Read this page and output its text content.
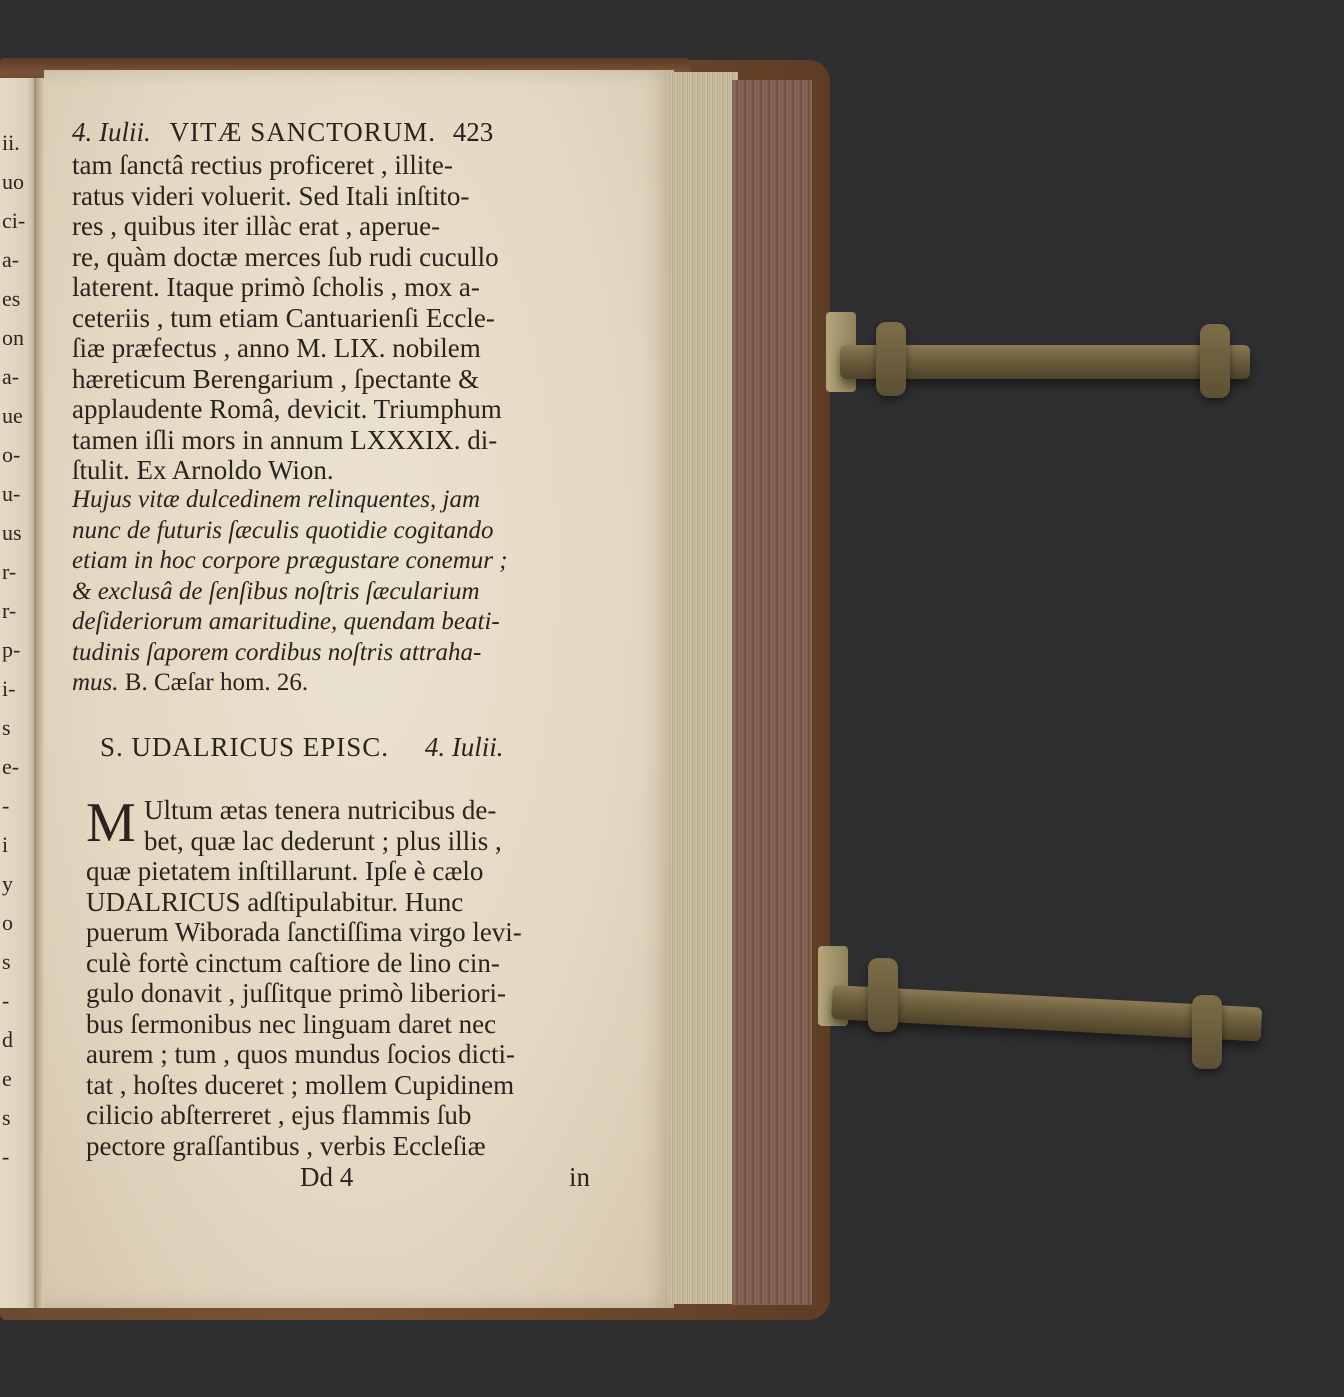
ii.
uo
ci-
a-
es
on
a-
ue
o-
u-
us
r-
r-
p-
i-
s
e-
-
i
y
o
s
-
d
e
s
-
4. Iulii. VITÆ SANCTORUM. 423
tam ſanctâ rectius proficeret , illite-
ratus videri voluerit. Sed Itali inſtito-
res , quibus iter illàc erat , aperue-
re, quàm doctæ merces ſub rudi cucullo
laterent. Itaque primò ſcholis , mox a-
ceteriis , tum etiam Cantuarienſi Eccle-
ſiæ præfectus , anno M. LIX. nobilem
hæreticum Berengarium , ſpectante &
applaudente Româ, devicit. Triumphum
tamen iſli mors in annum LXXXIX. di-
ſtulit. Ex Arnoldo Wion.
Hujus vitæ dulcedinem relinquentes, jam
nunc de futuris ſæculis quotidie cogitando
etiam in hoc corpore prægustare conemur ;
& exclusâ de ſenſibus noſtris ſæcularium
deſideriorum amaritudine, quendam beati-
tudinis ſaporem cordibus noſtris attraha-
mus. B. Cæſar hom. 26.
S. UDALRICUS EPISC. 4. Iulii.
M Ultum ætas tenera nutricibus de-
bet, quæ lac dederunt ; plus illis ,
quæ pietatem inſtillarunt. Ipſe è cælo
UDALRICUS adſtipulabitur. Hunc
puerum Wiborada ſanctiſſima virgo levi-
culè fortè cinctum caſtiore de lino cin-
gulo donavit , juſſitque primò liberiori-
bus ſermonibus nec linguam daret nec
aurem ; tum , quos mundus ſocios dicti-
tat , hoſtes duceret ; mollem Cupidinem
cilicio abſterreret , ejus flammis ſub
pectore graſſantibus , verbis Eccleſiæ
Dd 4	in
